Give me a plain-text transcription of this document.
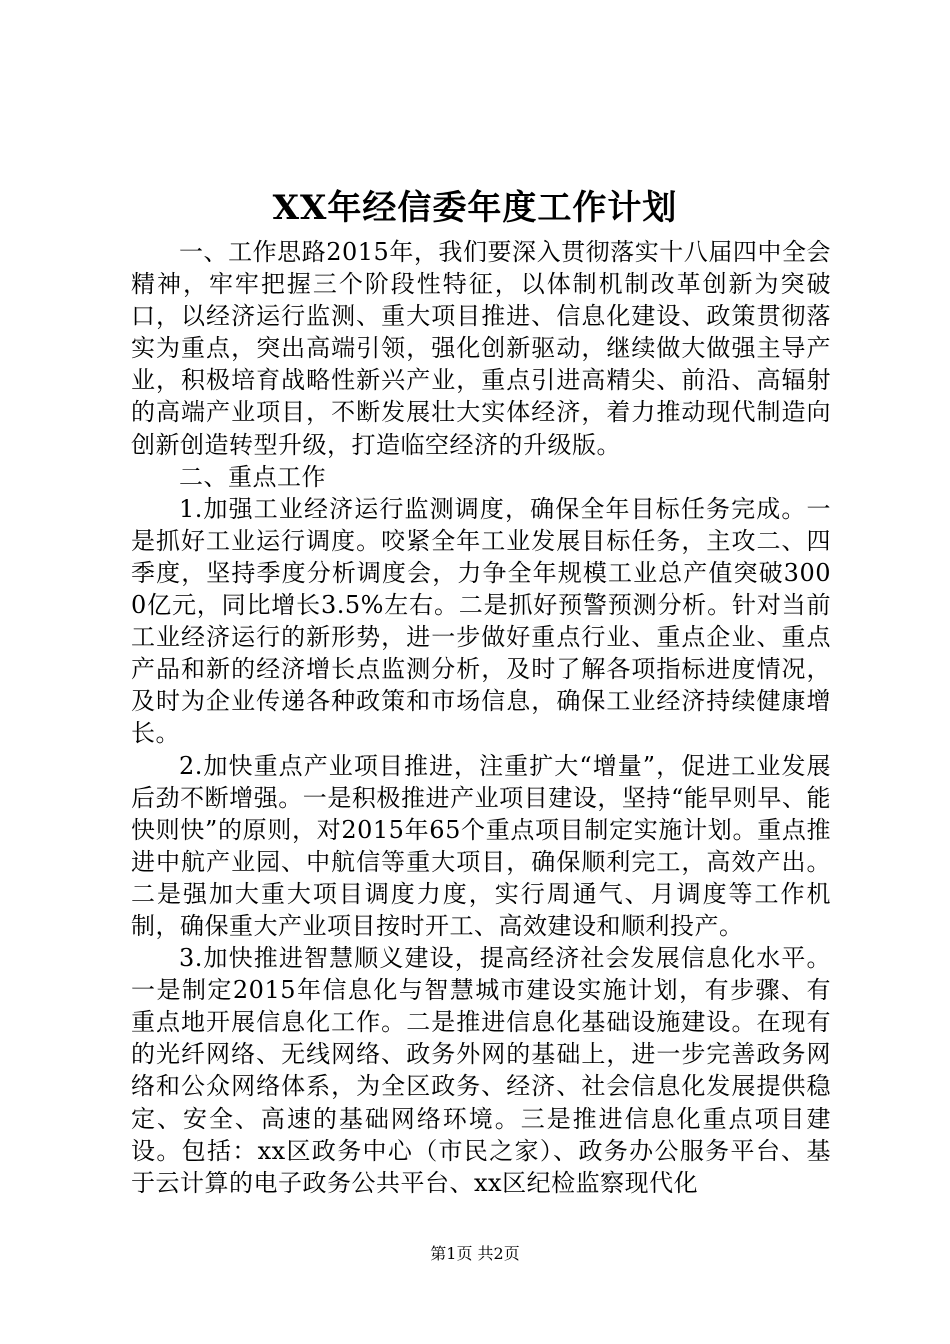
XX年经信委年度工作计划

一、工作思路2015年，我们要深入贯彻落实十八届四中全会精神，牢牢把握三个阶段性特征，以体制机制改革创新为突破口，以经济运行监测、重大项目推进、信息化建设、政策贯彻落实为重点，突出高端引领，强化创新驱动，继续做大做强主导产业，积极培育战略性新兴产业，重点引进高精尖、前沿、高辐射的高端产业项目，不断发展壮大实体经济，着力推动现代制造向创新创造转型升级，打造临空经济的升级版。

二、重点工作

1.加强工业经济运行监测调度，确保全年目标任务完成。一是抓好工业运行调度。咬紧全年工业发展目标任务，主攻二、四季度，坚持季度分析调度会，力争全年规模工业总产值突破3000亿元，同比增长3.5%左右。二是抓好预警预测分析。针对当前工业经济运行的新形势，进一步做好重点行业、重点企业、重点产品和新的经济增长点监测分析，及时了解各项指标进度情况，及时为企业传递各种政策和市场信息，确保工业经济持续健康增长。

2.加快重点产业项目推进，注重扩大“增量”，促进工业发展后劲不断增强。一是积极推进产业项目建设，坚持“能早则早、能快则快”的原则，对2015年65个重点项目制定实施计划。重点推进中航产业园、中航信等重大项目，确保顺利完工，高效产出。二是强加大重大项目调度力度，实行周通气、月调度等工作机制，确保重大产业项目按时开工、高效建设和顺利投产。

3.加快推进智慧顺义建设，提高经济社会发展信息化水平。一是制定2015年信息化与智慧城市建设实施计划，有步骤、有重点地开展信息化工作。二是推进信息化基础设施建设。在现有的光纤网络、无线网络、政务外网的基础上，进一步完善政务网络和公众网络体系，为全区政务、经济、社会信息化发展提供稳定、安全、高速的基础网络环境。三是推进信息化重点项目建设。包括：xx区政务中心（市民之家）、政务办公服务平台、基于云计算的电子政务公共平台、xx区纪检监察现代化

第1页 共2页
